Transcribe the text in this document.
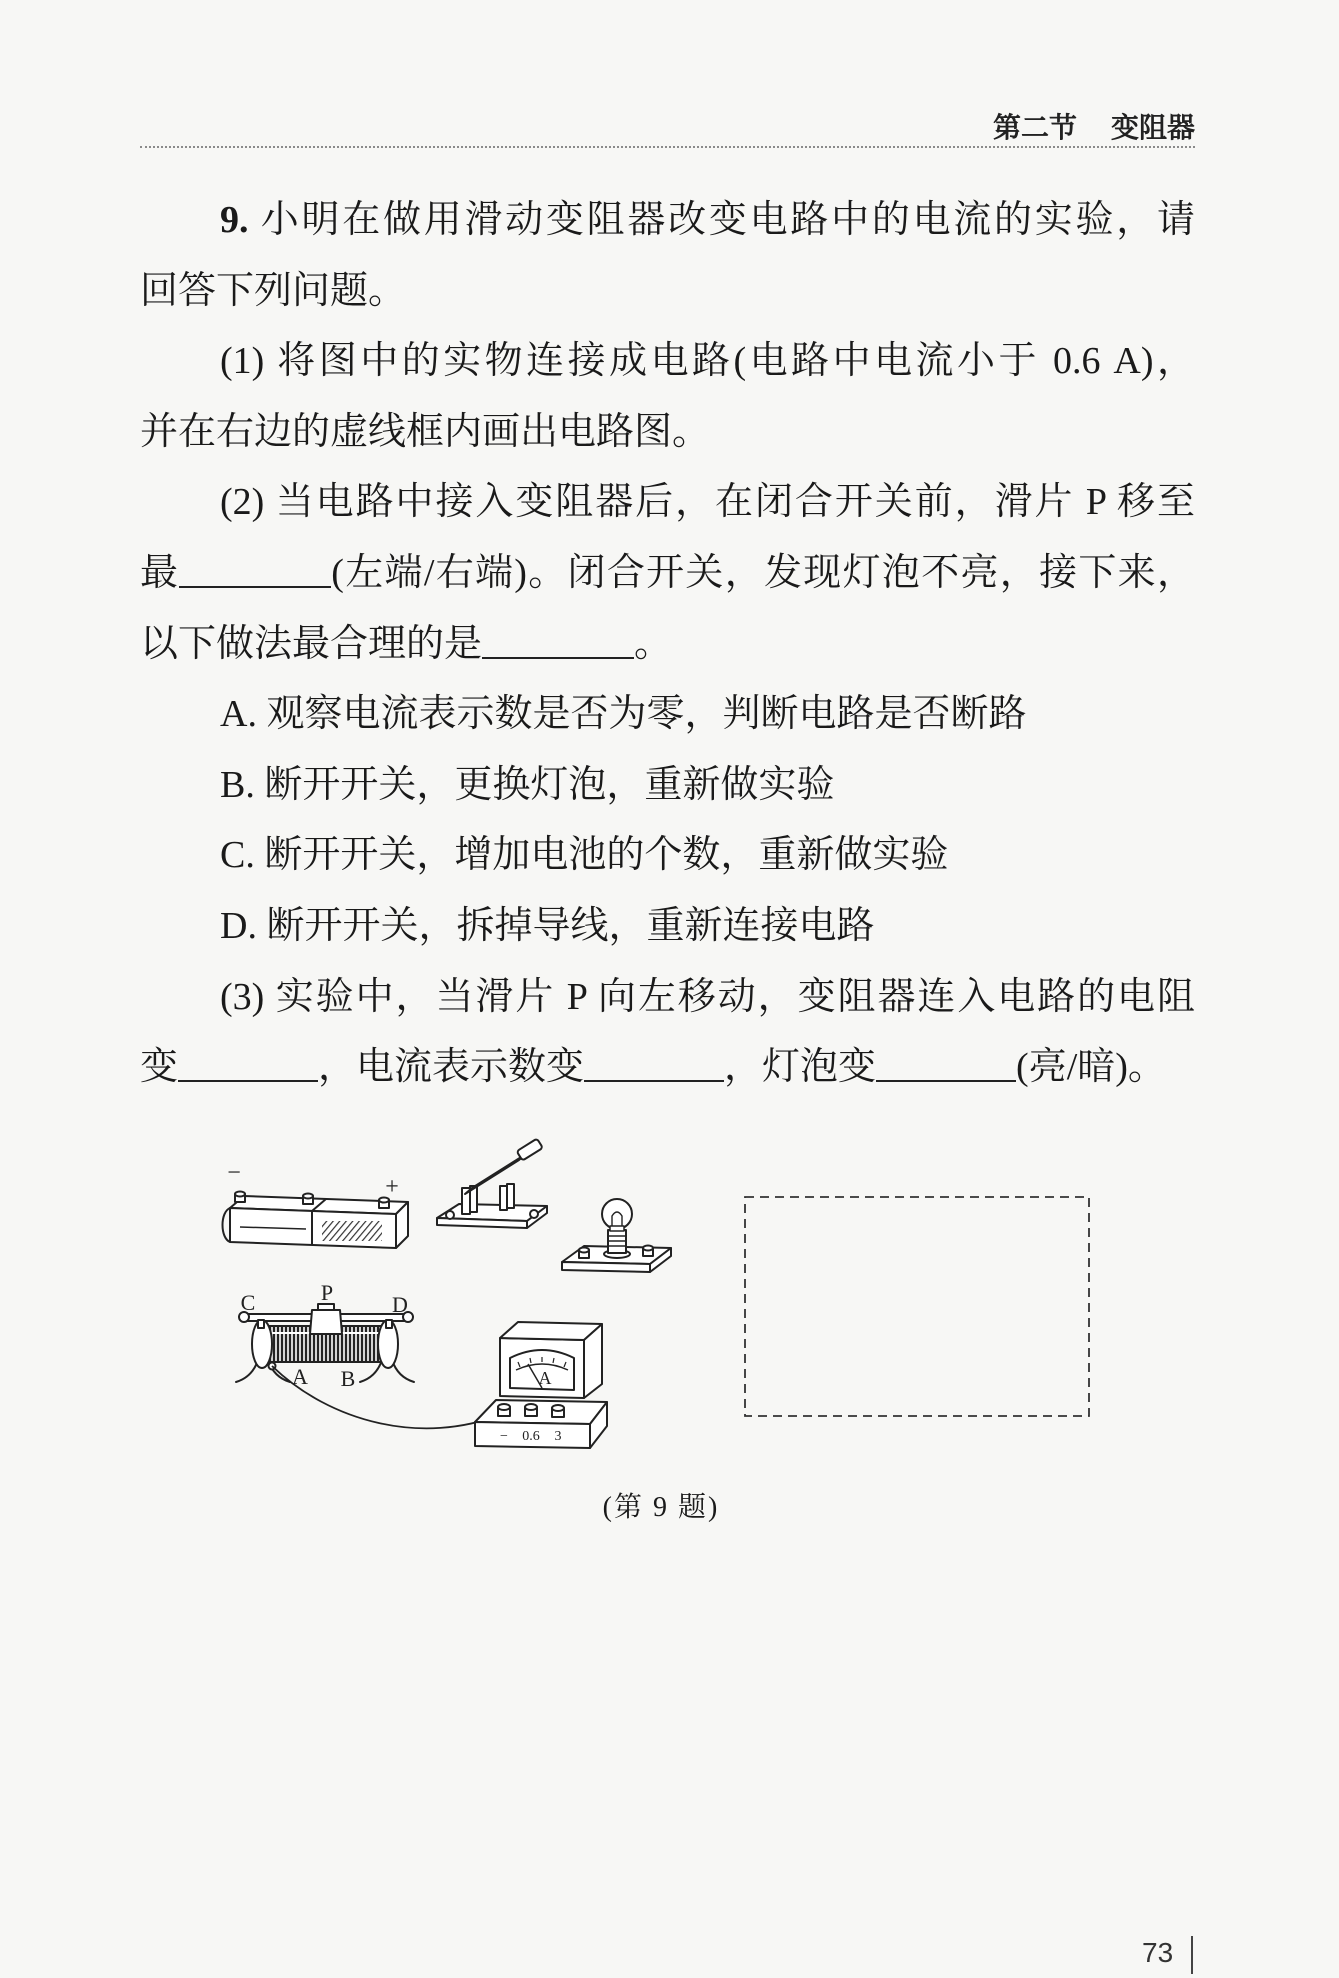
第二节 变阻器
9. 小明在做用滑动变阻器改变电路中的电流的实验，请
回答下列问题。
(1) 将图中的实物连接成电路(电路中电流小于 0.6 A)，
并在右边的虚线框内画出电路图。
(2) 当电路中接入变阻器后，在闭合开关前，滑片 P 移至
最	(左端/右端)。闭合开关，发现灯泡不亮，接下来，
以下做法最合理的是	。
A. 观察电流表示数是否为零，判断电路是否断路
B. 断开开关，更换灯泡，重新做实验
C. 断开开关，增加电池的个数，重新做实验
D. 断开开关，拆掉导线，重新连接电路
(3) 实验中，当滑片 P 向左移动，变阻器连入电路的电阻
变	，电流表示数变	，灯泡变	(亮/暗)。
−
+
C	P	D
A B	A
− 0.6 3
(第 9 题)
73
